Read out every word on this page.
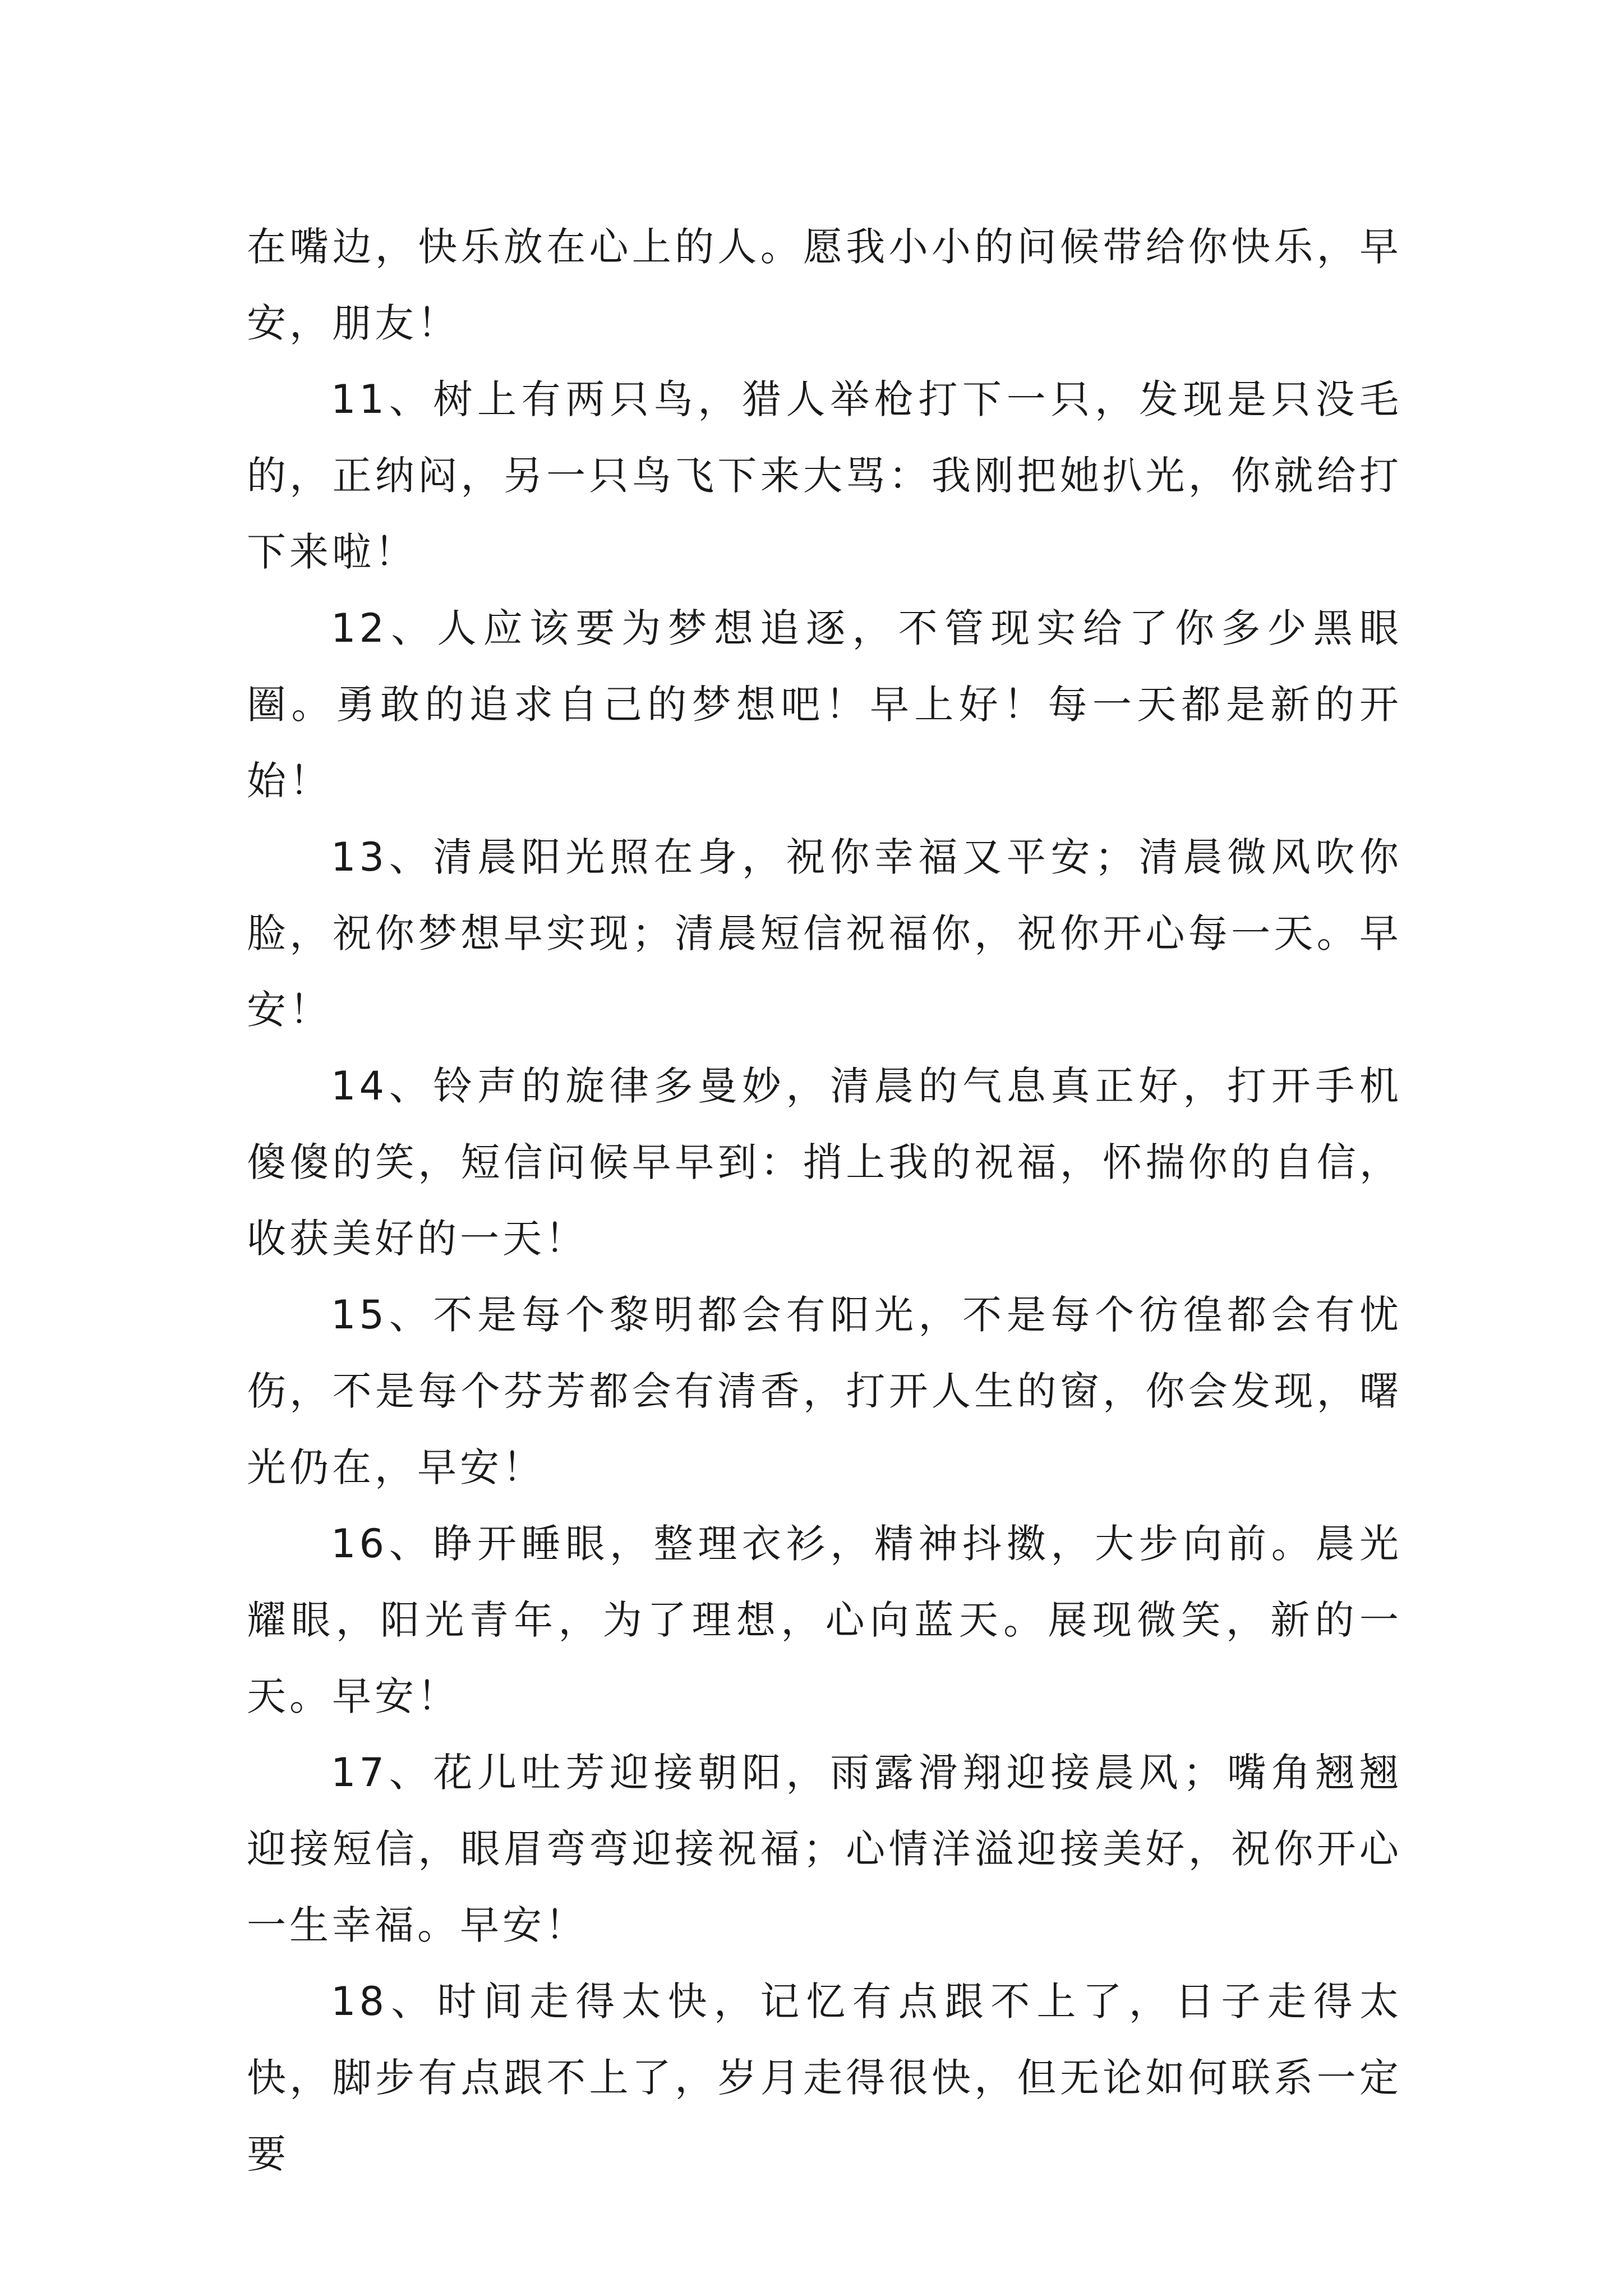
在嘴边，快乐放在心上的人。愿我小小的问候带给你快乐，早安，朋友！

11、树上有两只鸟，猎人举枪打下一只，发现是只没毛的，正纳闷，另一只鸟飞下来大骂：我刚把她扒光，你就给打下来啦！

12、人应该要为梦想追逐，不管现实给了你多少黑眼圈。勇敢的追求自己的梦想吧！早上好！每一天都是新的开始！

13、清晨阳光照在身，祝你幸福又平安；清晨微风吹你脸，祝你梦想早实现；清晨短信祝福你，祝你开心每一天。早安！

14、铃声的旋律多曼妙，清晨的气息真正好，打开手机傻傻的笑，短信问候早早到：捎上我的祝福，怀揣你的自信，收获美好的一天！

15、不是每个黎明都会有阳光，不是每个彷徨都会有忧伤，不是每个芬芳都会有清香，打开人生的窗，你会发现，曙光仍在，早安！

16、睁开睡眼，整理衣衫，精神抖擞，大步向前。晨光耀眼，阳光青年，为了理想，心向蓝天。展现微笑，新的一天。早安！

17、花儿吐芳迎接朝阳，雨露滑翔迎接晨风；嘴角翘翘迎接短信，眼眉弯弯迎接祝福；心情洋溢迎接美好，祝你开心一生幸福。早安！

18、时间走得太快，记忆有点跟不上了，日子走得太快，脚步有点跟不上了，岁月走得很快，但无论如何联系一定要
